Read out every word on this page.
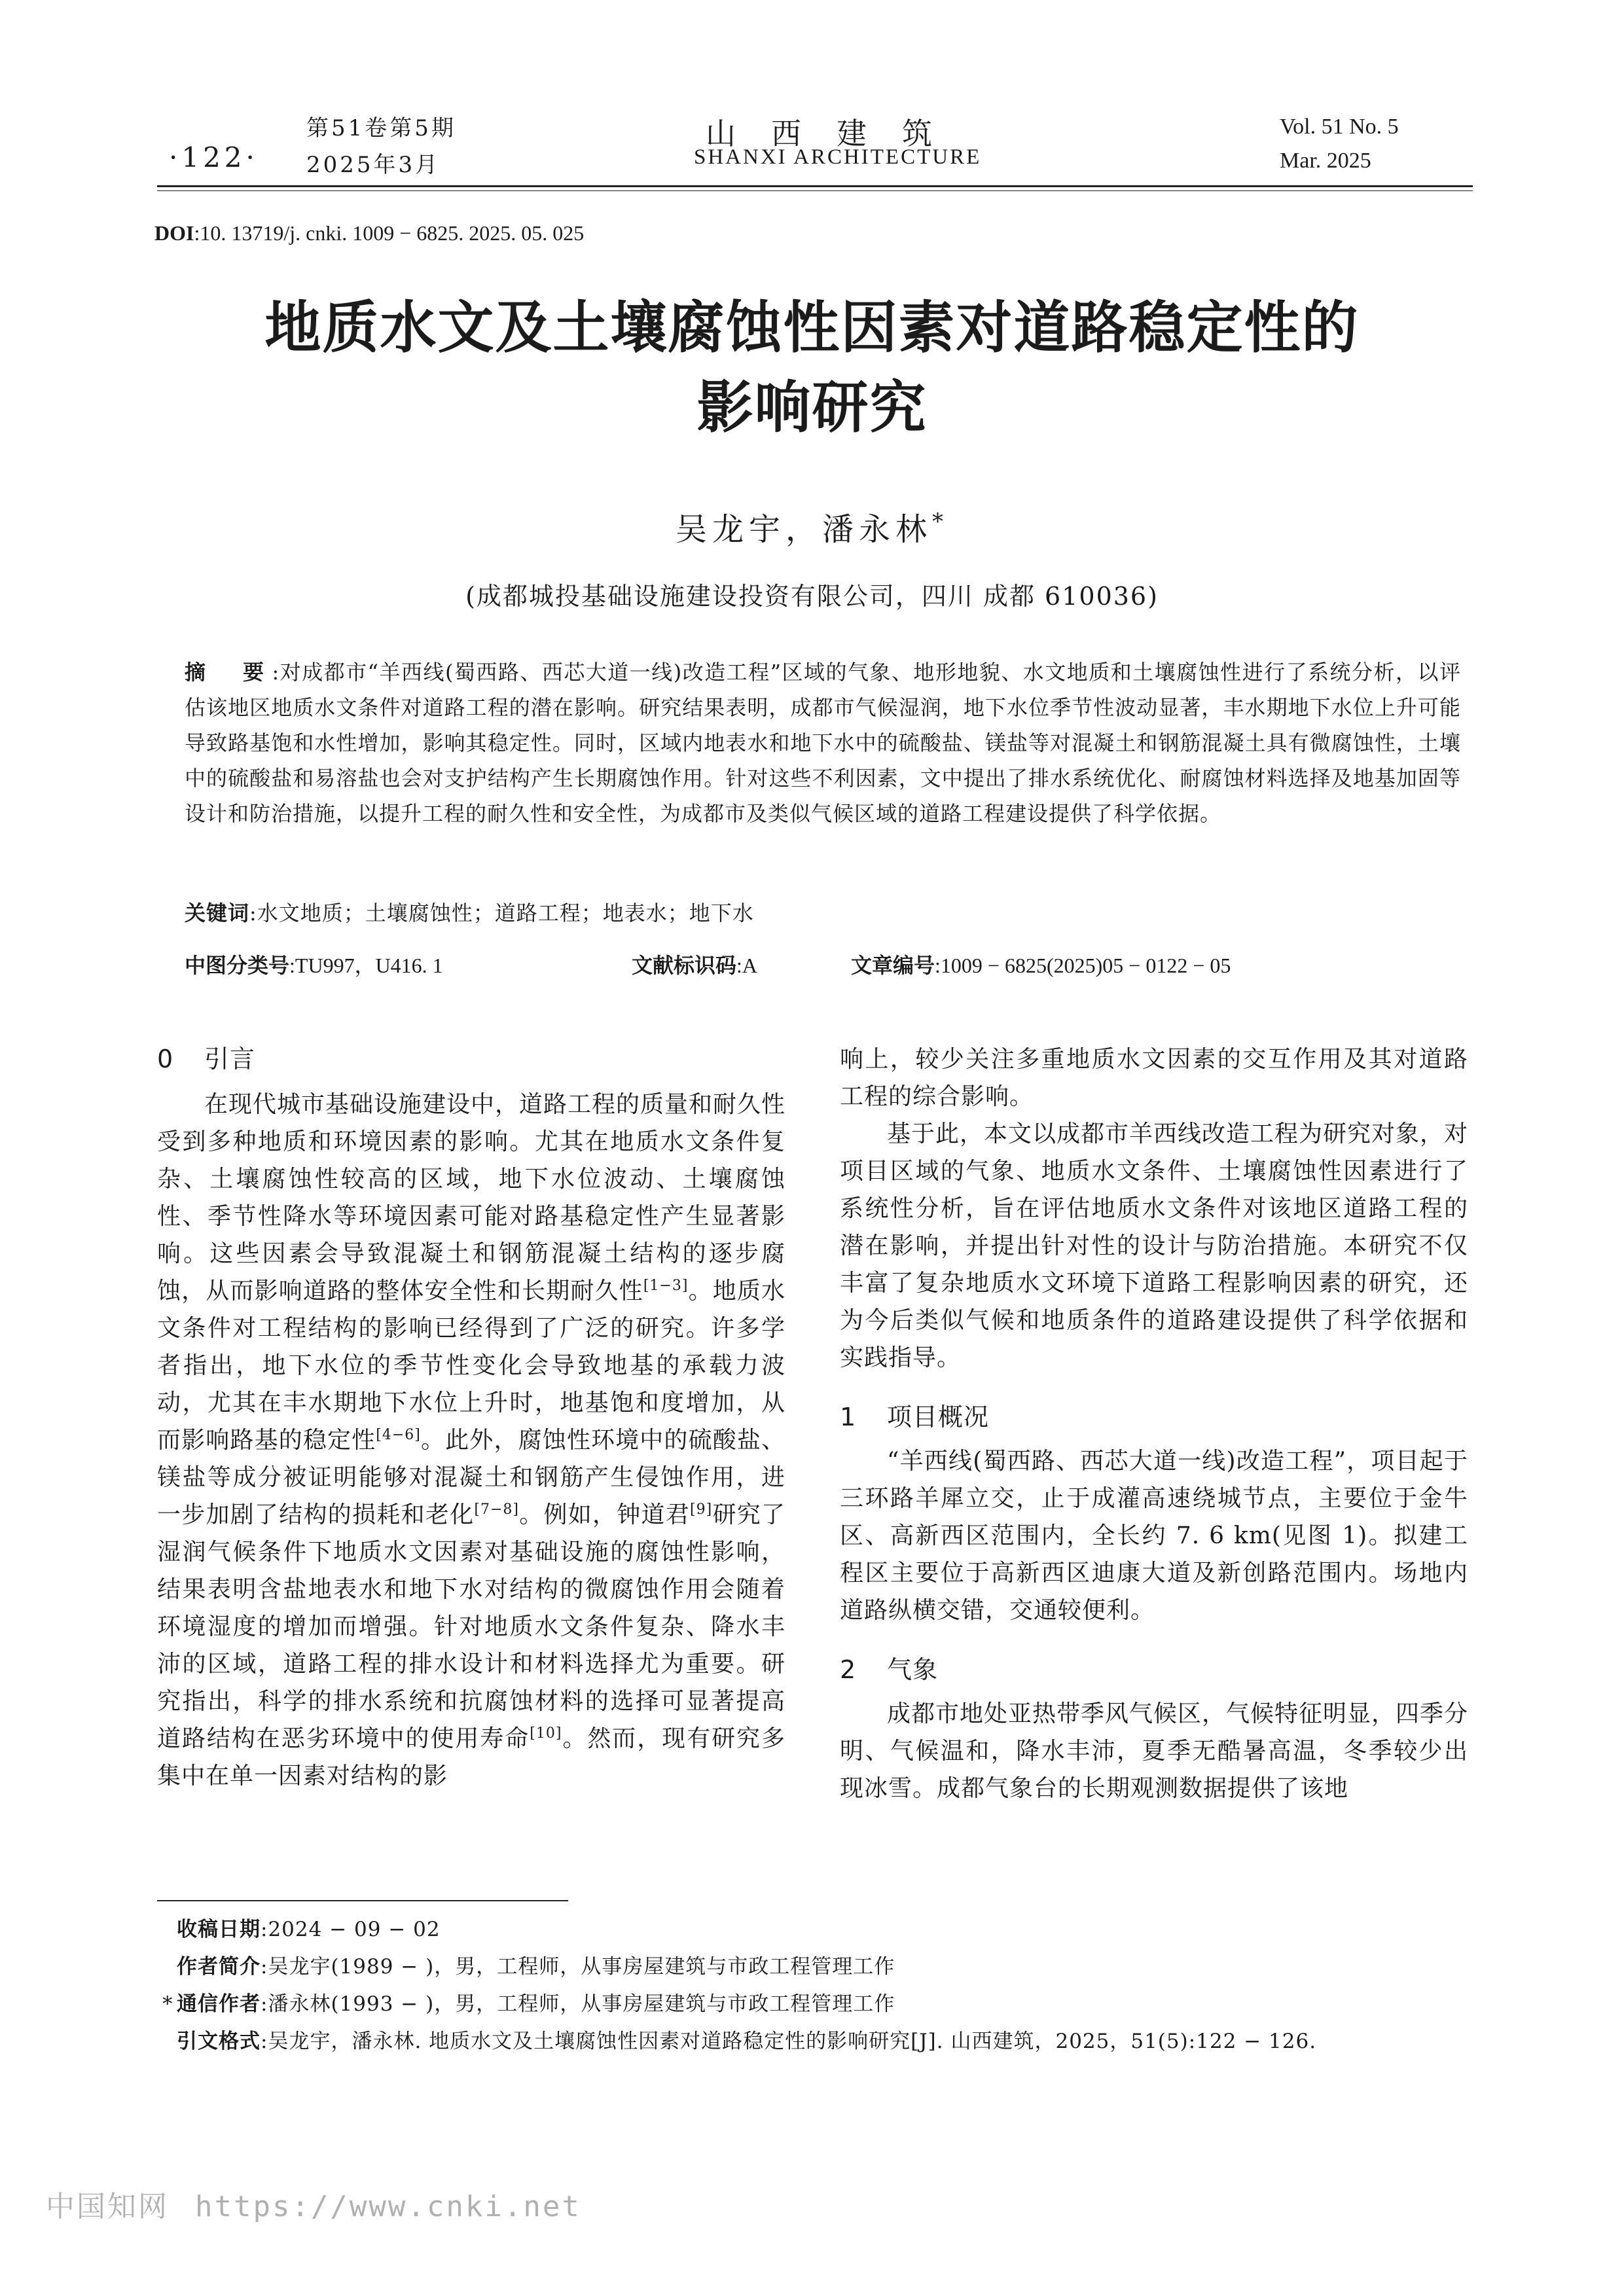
·122·
第51卷第5期
2025年3月
山西建筑
SHANXI ARCHITECTURE
Vol. 51 No. 5
Mar. 2025
DOI:10. 13719/j. cnki. 1009 − 6825. 2025. 05. 025
地质水文及土壤腐蚀性因素对道路稳定性的
影响研究
吴龙宇，潘永林*
(成都城投基础设施建设投资有限公司，四川 成都 610036)
摘　要:对成都市“羊西线(蜀西路、西芯大道一线)改造工程”区域的气象、地形地貌、水文地质和土壤腐蚀性进行了系统分析，以评估该地区地质水文条件对道路工程的潜在影响。研究结果表明，成都市气候湿润，地下水位季节性波动显著，丰水期地下水位上升可能导致路基饱和水性增加，影响其稳定性。同时，区域内地表水和地下水中的硫酸盐、镁盐等对混凝土和钢筋混凝土具有微腐蚀性，土壤中的硫酸盐和易溶盐也会对支护结构产生长期腐蚀作用。针对这些不利因素，文中提出了排水系统优化、耐腐蚀材料选择及地基加固等设计和防治措施，以提升工程的耐久性和安全性，为成都市及类似气候区域的道路工程建设提供了科学依据。
关键词:水文地质；土壤腐蚀性；道路工程；地表水；地下水
中图分类号:TU997，U416. 1	文献标识码:A	文章编号:1009 − 6825(2025)05 − 0122 − 05
0 引言

在现代城市基础设施建设中，道路工程的质量和耐久性受到多种地质和环境因素的影响。尤其在地质水文条件复杂、土壤腐蚀性较高的区域，地下水位波动、土壤腐蚀性、季节性降水等环境因素可能对路基稳定性产生显著影响。这些因素会导致混凝土和钢筋混凝土结构的逐步腐蚀，从而影响道路的整体安全性和长期耐久性[1−3]。地质水文条件对工程结构的影响已经得到了广泛的研究。许多学者指出，地下水位的季节性变化会导致地基的承载力波动，尤其在丰水期地下水位上升时，地基饱和度增加，从而影响路基的稳定性[4−6]。此外，腐蚀性环境中的硫酸盐、镁盐等成分被证明能够对混凝土和钢筋产生侵蚀作用，进一步加剧了结构的损耗和老化[7−8]。例如，钟道君[9]研究了湿润气候条件下地质水文因素对基础设施的腐蚀性影响，结果表明含盐地表水和地下水对结构的微腐蚀作用会随着环境湿度的增加而增强。针对地质水文条件复杂、降水丰沛的区域，道路工程的排水设计和材料选择尤为重要。研究指出，科学的排水系统和抗腐蚀材料的选择可显著提高道路结构在恶劣环境中的使用寿命[10]。然而，现有研究多集中在单一因素对结构的影

响上，较少关注多重地质水文因素的交互作用及其对道路工程的综合影响。

基于此，本文以成都市羊西线改造工程为研究对象，对项目区域的气象、地质水文条件、土壤腐蚀性因素进行了系统性分析，旨在评估地质水文条件对该地区道路工程的潜在影响，并提出针对性的设计与防治措施。本研究不仅丰富了复杂地质水文环境下道路工程影响因素的研究，还为今后类似气候和地质条件的道路建设提供了科学依据和实践指导。

1 项目概况

“羊西线(蜀西路、西芯大道一线)改造工程”，项目起于三环路羊犀立交，止于成灌高速绕城节点，主要位于金牛区、高新西区范围内，全长约 7. 6 km(见图 1)。拟建工程区主要位于高新西区迪康大道及新创路范围内。场地内道路纵横交错，交通较便利。

2 气象

成都市地处亚热带季风气候区，气候特征明显，四季分明、气候温和，降水丰沛，夏季无酷暑高温，冬季较少出现冰雪。成都气象台的长期观测数据提供了该地

收稿日期:2024 − 09 − 02
作者简介:吴龙宇(1989 − )，男，工程师，从事房屋建筑与市政工程管理工作
* 通信作者:潘永林(1993 − )，男，工程师，从事房屋建筑与市政工程管理工作
引文格式:吴龙宇，潘永林. 地质水文及土壤腐蚀性因素对道路稳定性的影响研究[J]. 山西建筑，2025，51(5):122 − 126.
中国知网 https://www.cnki.net
